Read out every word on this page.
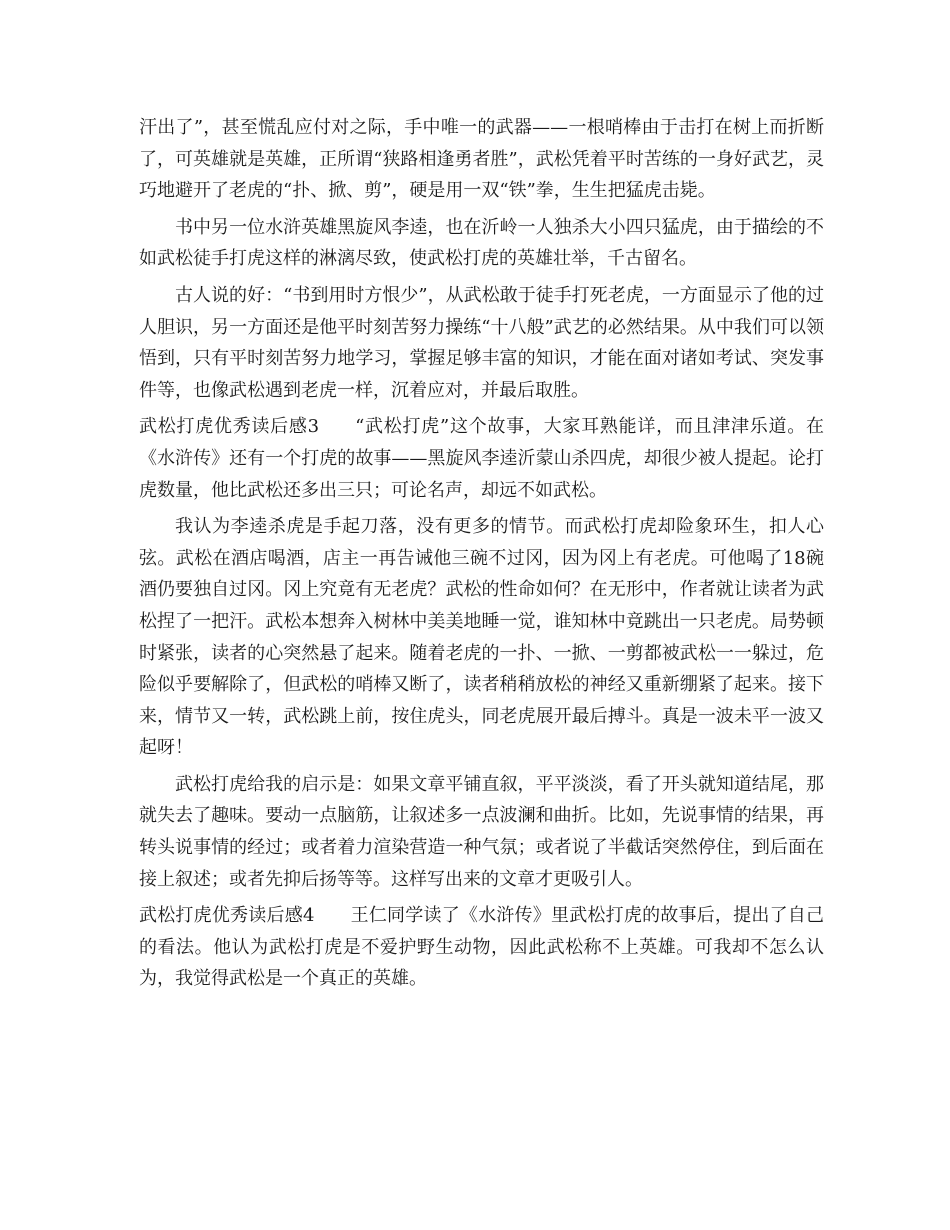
汗出了”，甚至慌乱应付对之际，手中唯一的武器——一根哨棒由于击打在树上而折断了，可英雄就是英雄，正所谓“狭路相逢勇者胜”，武松凭着平时苦练的一身好武艺，灵巧地避开了老虎的“扑、掀、剪”，硬是用一双“铁”拳，生生把猛虎击毙。

书中另一位水浒英雄黑旋风李逵，也在沂岭一人独杀大小四只猛虎，由于描绘的不如武松徒手打虎这样的淋漓尽致，使武松打虎的英雄壮举，千古留名。

古人说的好：“书到用时方恨少”，从武松敢于徒手打死老虎，一方面显示了他的过人胆识，另一方面还是他平时刻苦努力操练“十八般”武艺的必然结果。从中我们可以领悟到，只有平时刻苦努力地学习，掌握足够丰富的知识，才能在面对诸如考试、突发事件等，也像武松遇到老虎一样，沉着应对，并最后取胜。

武松打虎优秀读后感3 “武松打虎”这个故事，大家耳熟能详，而且津津乐道。在《水浒传》还有一个打虎的故事——黑旋风李逵沂蒙山杀四虎，却很少被人提起。论打虎数量，他比武松还多出三只；可论名声，却远不如武松。

我认为李逵杀虎是手起刀落，没有更多的情节。而武松打虎却险象环生，扣人心弦。武松在酒店喝酒，店主一再告诫他三碗不过冈，因为冈上有老虎。可他喝了18碗酒仍要独自过冈。冈上究竟有无老虎？武松的性命如何？在无形中，作者就让读者为武松捏了一把汗。武松本想奔入树林中美美地睡一觉，谁知林中竟跳出一只老虎。局势顿时紧张，读者的心突然悬了起来。随着老虎的一扑、一掀、一剪都被武松一一躲过，危险似乎要解除了，但武松的哨棒又断了，读者稍稍放松的神经又重新绷紧了起来。接下来，情节又一转，武松跳上前，按住虎头，同老虎展开最后搏斗。真是一波未平一波又起呀！

武松打虎给我的启示是：如果文章平铺直叙，平平淡淡，看了开头就知道结尾，那就失去了趣味。要动一点脑筋，让叙述多一点波澜和曲折。比如，先说事情的结果，再转头说事情的经过；或者着力渲染营造一种气氛；或者说了半截话突然停住，到后面在接上叙述；或者先抑后扬等等。这样写出来的文章才更吸引人。

武松打虎优秀读后感4 王仁同学读了《水浒传》里武松打虎的故事后，提出了自己的看法。他认为武松打虎是不爱护野生动物，因此武松称不上英雄。可我却不怎么认为，我觉得武松是一个真正的英雄。
